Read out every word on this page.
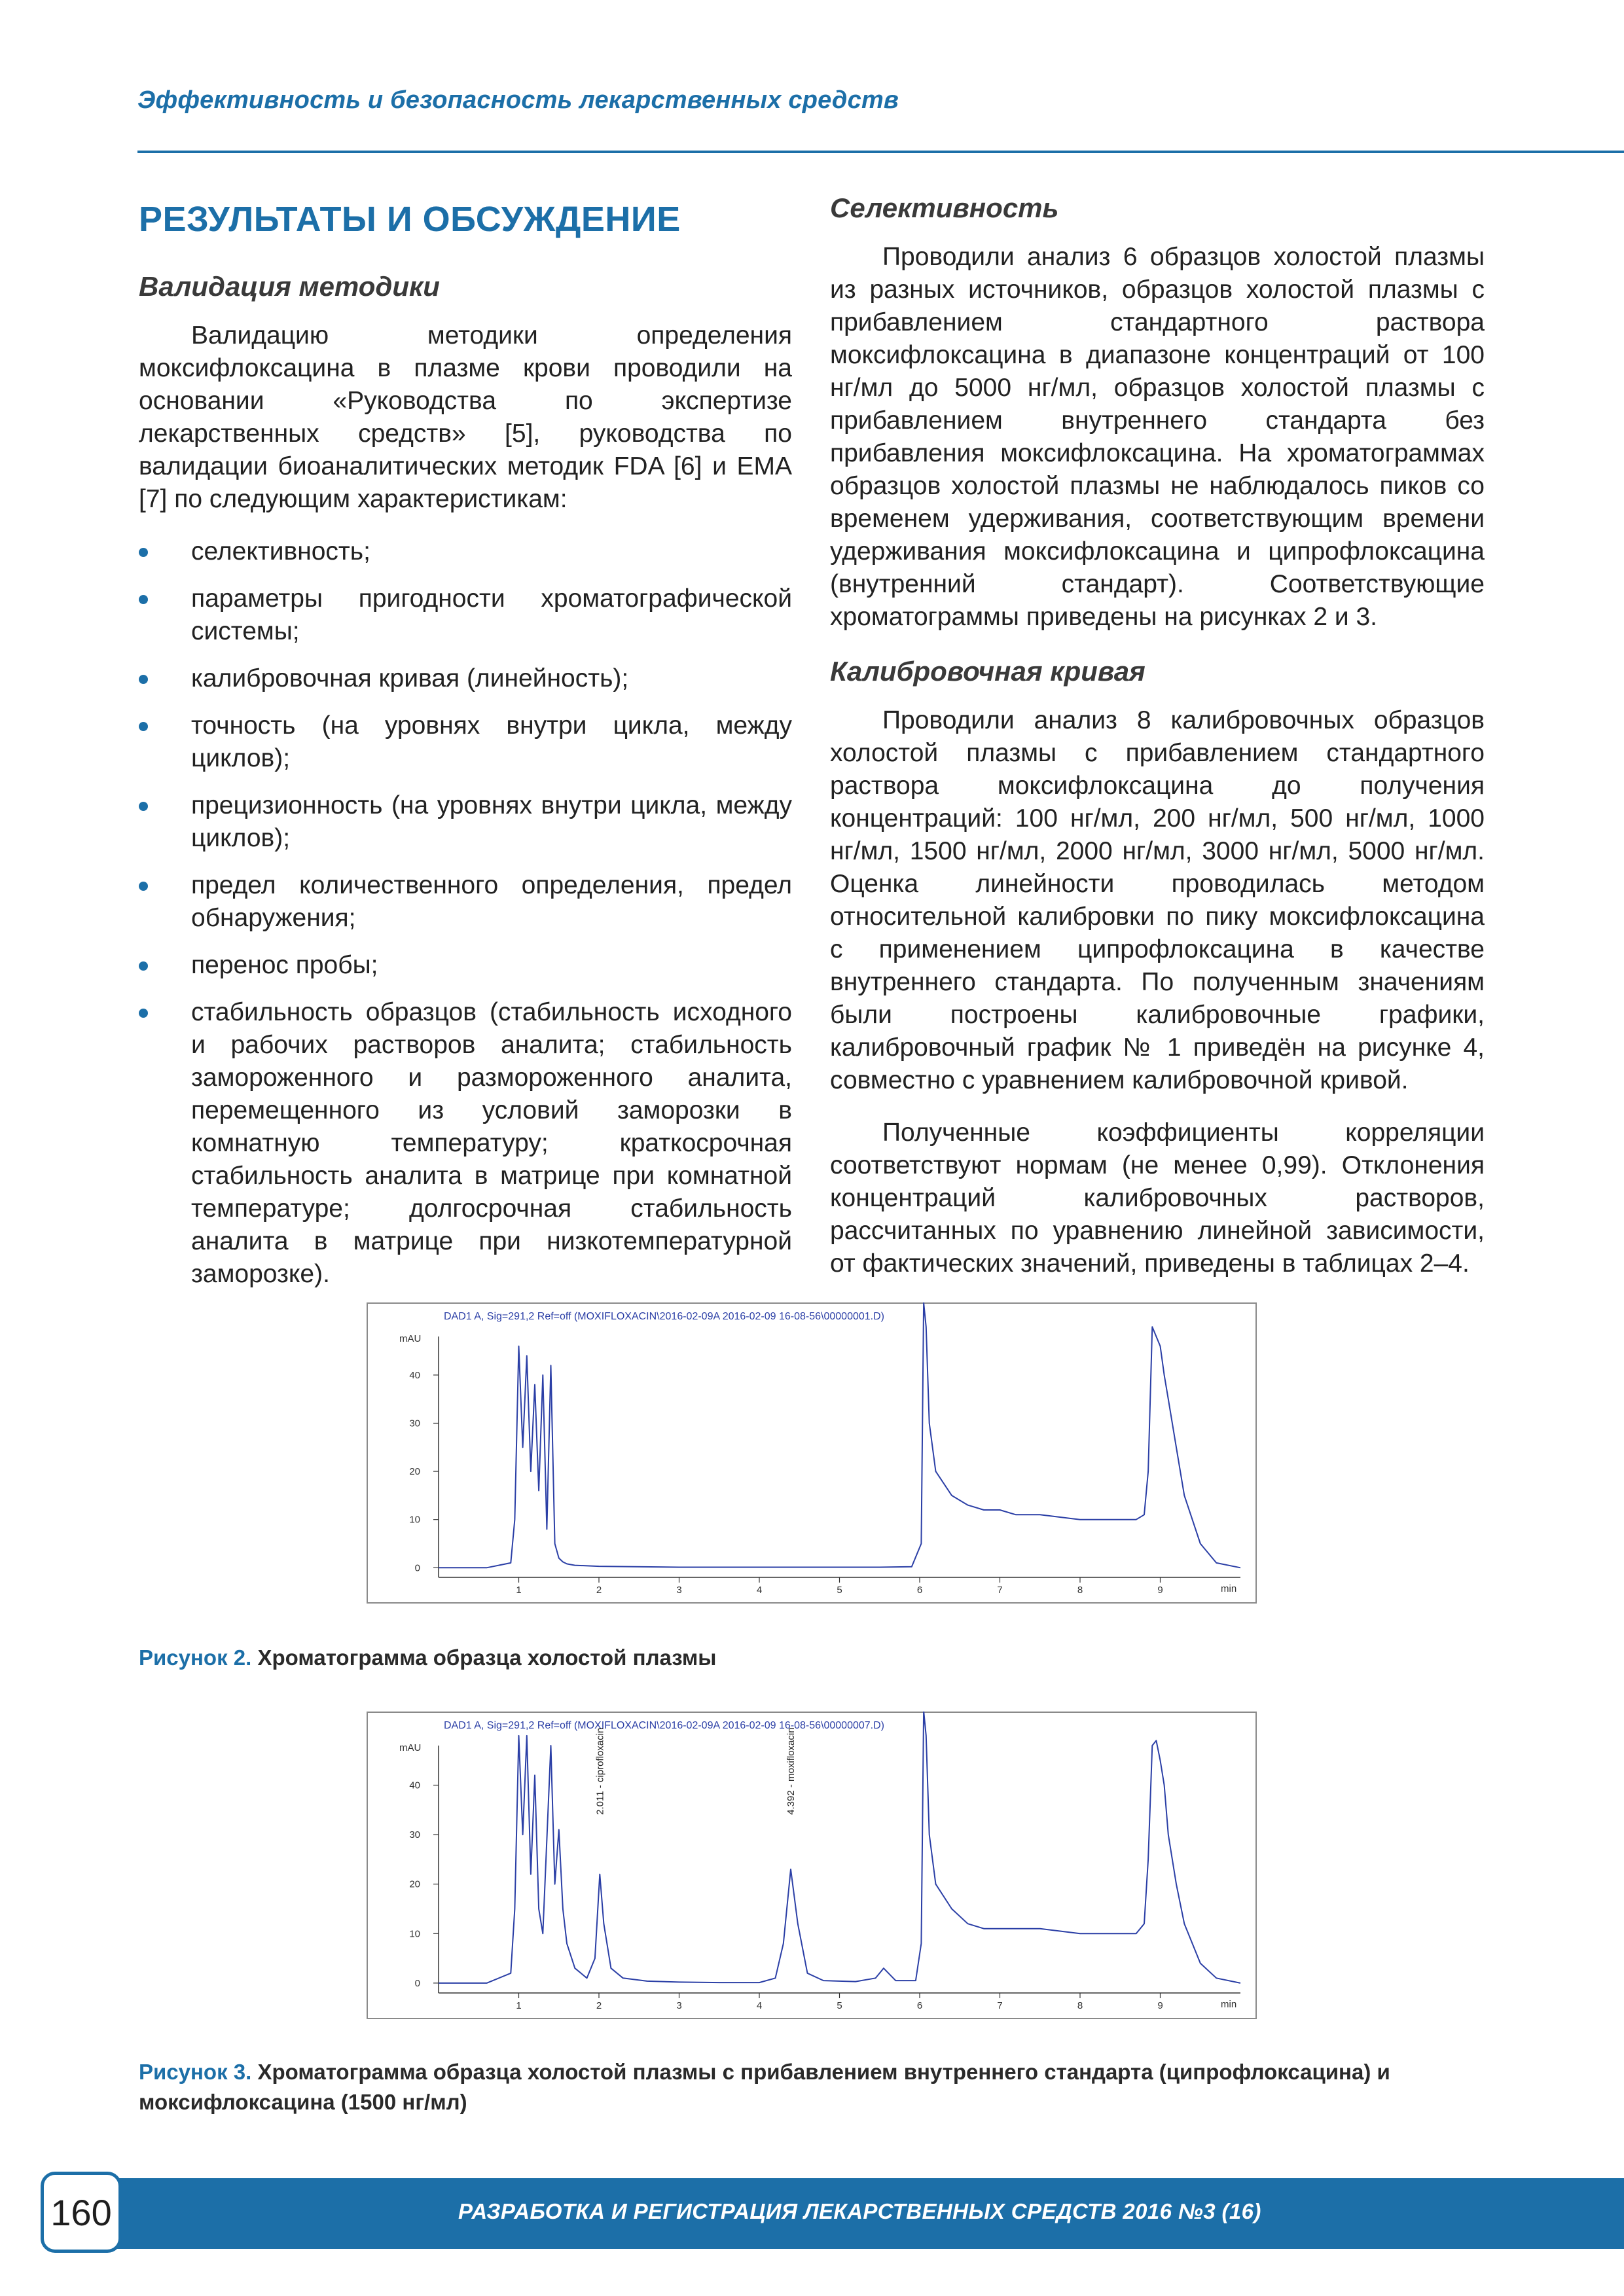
Эффективность и безопасность лекарственных средств
РЕЗУЛЬТАТЫ И ОБСУЖДЕНИЕ
Валидация методики

Валидацию методики определения моксифлоксацина в плазме крови проводили на основании «Руководства по экспертизе лекарственных средств» [5], руководства по валидации биоаналитических методик FDA [6] и EMA [7] по следующим характеристикам:

селективность;
параметры пригодности хроматографической системы;
калибровочная кривая (линейность);
точность (на уровнях внутри цикла, между циклов);
прецизионность (на уровнях внутри цикла, между циклов);
предел количественного определения, предел обнаружения;
перенос пробы;
стабильность образцов (стабильность исходного и рабочих растворов аналита; стабильность замороженного и размороженного аналита, перемещенного из условий заморозки в комнатную температуру; краткосрочная стабильность аналита в матрице при комнатной температуре; долгосрочная стабильность аналита в матрице при низкотемпературной заморозке).
Селективность

Проводили анализ 6 образцов холостой плазмы из разных источников, образцов холостой плазмы с прибавлением стандартного раствора моксифлоксацина в диапазоне концентраций от 100 нг/мл до 5000 нг/мл, образцов холостой плазмы с прибавлением внутреннего стандарта без прибавления моксифлоксацина. На хроматограммах образцов холостой плазмы не наблюдалось пиков со временем удерживания, соответствующим времени удерживания моксифлоксацина и ципрофлоксацина (внутренний стандарт). Соответствующие хроматограммы приведены на рисунках 2 и 3.

Калибровочная кривая

Проводили анализ 8 калибровочных образцов холостой плазмы с прибавлением стандартного раствора моксифлоксацина до получения концентраций: 100 нг/мл, 200 нг/мл, 500 нг/мл, 1000 нг/мл, 1500 нг/мл, 2000 нг/мл, 3000 нг/мл, 5000 нг/мл. Оценка линейности проводилась методом относительной калибровки по пику моксифлоксацина с применением ципрофлоксацина в качестве внутреннего стандарта. По полученным значениям были построены калибровочные графики, калибровочный график № 1 приведён на рисунке 4, совместно с уравнением калибровочной кривой.

Полученные коэффициенты корреляции соответствуют нормам (не менее 0,99). Отклонения концентраций калибровочных растворов, рассчитанных по уравнению линейной зависимости, от фактических значений, приведены в таблицах 2–4.

DAD1 A, Sig=291,2 Ref=off (MOXIFLOXACIN\2016-02-09A 2016-02-09 16-08-56\00000001.D)
mAU
min
0
10
20
30
40
1	2	3	4	5	6	7	8	9
Рисунок 2. Хроматограмма образца холостой плазмы
DAD1 A, Sig=291,2 Ref=off (MOXIFLOXACIN\2016-02-09A 2016-02-09 16-08-56\00000007.D)
mAU
min
0
10
20
30
40
1	2	3	4	5	6	7	8	9
2.011 - ciprofloxacin	4.392 - moxifloxacin
Рисунок 3. Хроматограмма образца холостой плазмы с прибавлением внутреннего стандарта (ципрофлоксацина) и моксифлоксацина (1500 нг/мл)
РАЗРАБОТКА И РЕГИСТРАЦИЯ ЛЕКАРСТВЕННЫХ СРЕДСТВ 2016 №3 (16)
160
